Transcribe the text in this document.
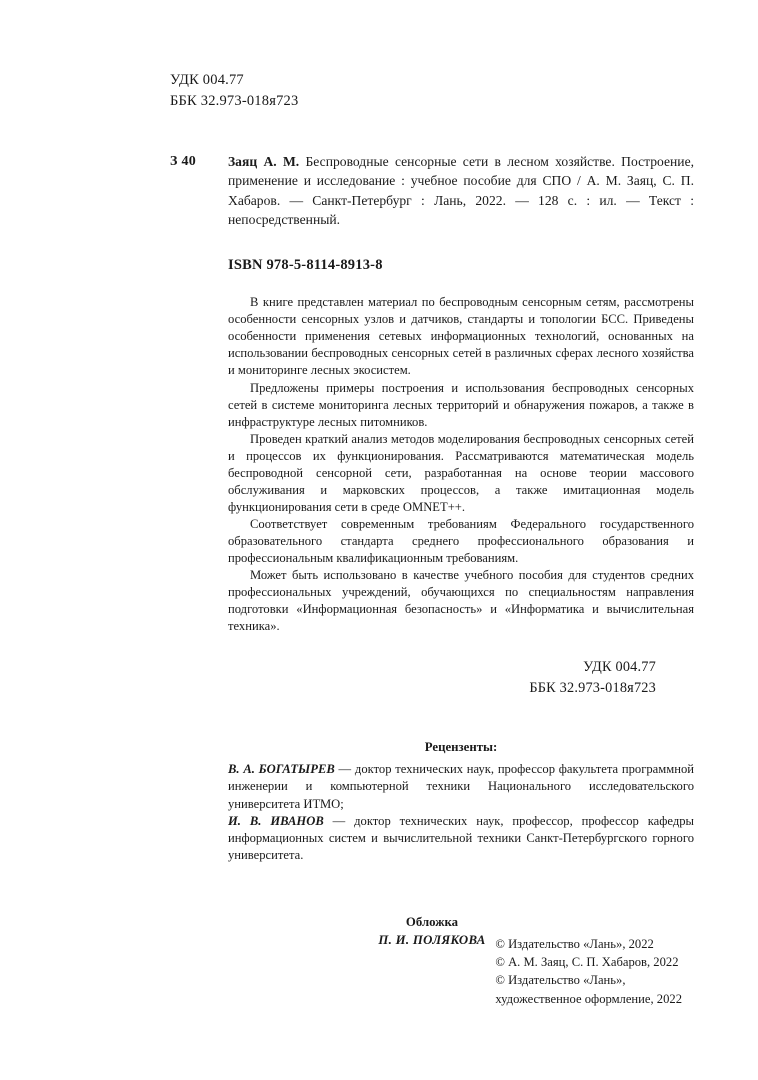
УДК 004.77
ББК 32.973-018я723
З 40	Заяц А. М. Беспроводные сенсорные сети в лесном хозяйстве. Построение, применение и исследование : учебное пособие для СПО / А. М. Заяц, С. П. Хабаров. — Санкт-Петербург : Лань, 2022. — 128 с. : ил. — Текст : непосредственный.
ISBN 978-5-8114-8913-8

В книге представлен материал по беспроводным сенсорным сетям, рассмотрены особенности сенсорных узлов и датчиков, стандарты и топологии БСС. Приведены особенности применения сетевых информационных технологий, основанных на использовании беспроводных сенсорных сетей в различных сферах лесного хозяйства и мониторинге лесных экосистем.

Предложены примеры построения и использования беспроводных сенсорных сетей в системе мониторинга лесных территорий и обнаружения пожаров, а также в инфраструктуре лесных питомников.

Проведен краткий анализ методов моделирования беспроводных сенсорных сетей и процессов их функционирования. Рассматриваются математическая модель беспроводной сенсорной сети, разработанная на основе теории массового обслуживания и марковских процессов, а также имитационная модель функционирования сети в среде OMNET++.

Соответствует современным требованиям Федерального государственного образовательного стандарта среднего профессионального образования и профессиональным квалификационным требованиям.

Может быть использовано в качестве учебного пособия для студентов средних профессиональных учреждений, обучающихся по специальностям направления подготовки «Информационная безопасность» и «Информатика и вычислительная техника».

УДК 004.77
ББК 32.973-018я723
Рецензенты:

В. А. БОГАТЫРЕВ — доктор технических наук, профессор факультета программной инженерии и компьютерной техники Национального исследовательского университета ИТМО;

И. В. ИВАНОВ — доктор технических наук, профессор, профессор кафедры информационных систем и вычислительной техники Санкт-Петербургского горного университета.

Обложка
П. И. ПОЛЯКОВА © Издательство «Лань», 2022
© А. М. Заяц, С. П. Хабаров, 2022
© Издательство «Лань»,
художественное оформление, 2022
